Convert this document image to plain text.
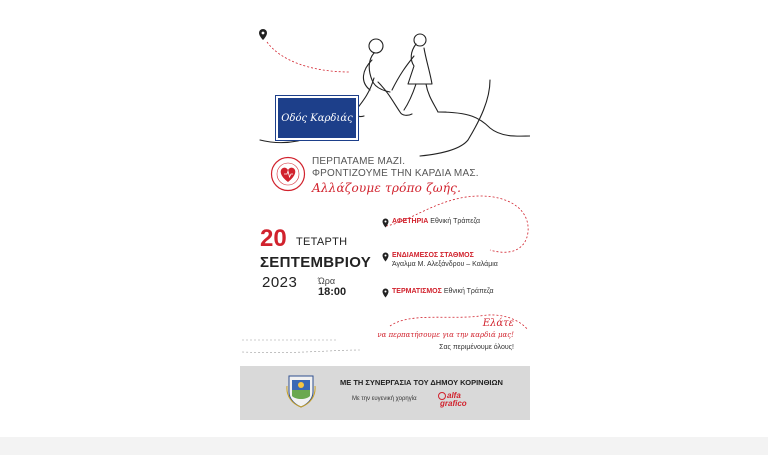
Οδός Καρδιάς
ΠΕΡΠΑΤΑΜΕ ΜΑΖΙ.
ΦΡΟΝΤΙΖΟΥΜΕ ΤΗΝ ΚΑΡΔΙΑ ΜΑΣ.
Αλλάζουμε τρόπο ζωής.
20 ΤΕΤΑΡΤΗ
ΣΕΠΤΕΜΒΡΙΟΥ
2023 Ώρα
18:00
ΑΦΕΤΗΡΙΑ Εθνική Τράπεζα
ΕΝΔΙΑΜΕΣΟΣ ΣΤΑΘΜΟΣ
Άγαλμα Μ. Αλεξάνδρου – Καλάμια
ΤΕΡΜΑΤΙΣΜΟΣ Εθνική Τράπεζα
Ελάτε
να περπατήσουμε για την καρδιά μας!
Σας περιμένουμε όλους!
ΜΕ ΤΗ ΣΥΝΕΡΓΑΣΙΑ ΤΟΥ ΔΗΜΟΥ ΚΟΡΙΝΘΙΩΝ
Με την ευγενική χορηγία	alfa
grafico
